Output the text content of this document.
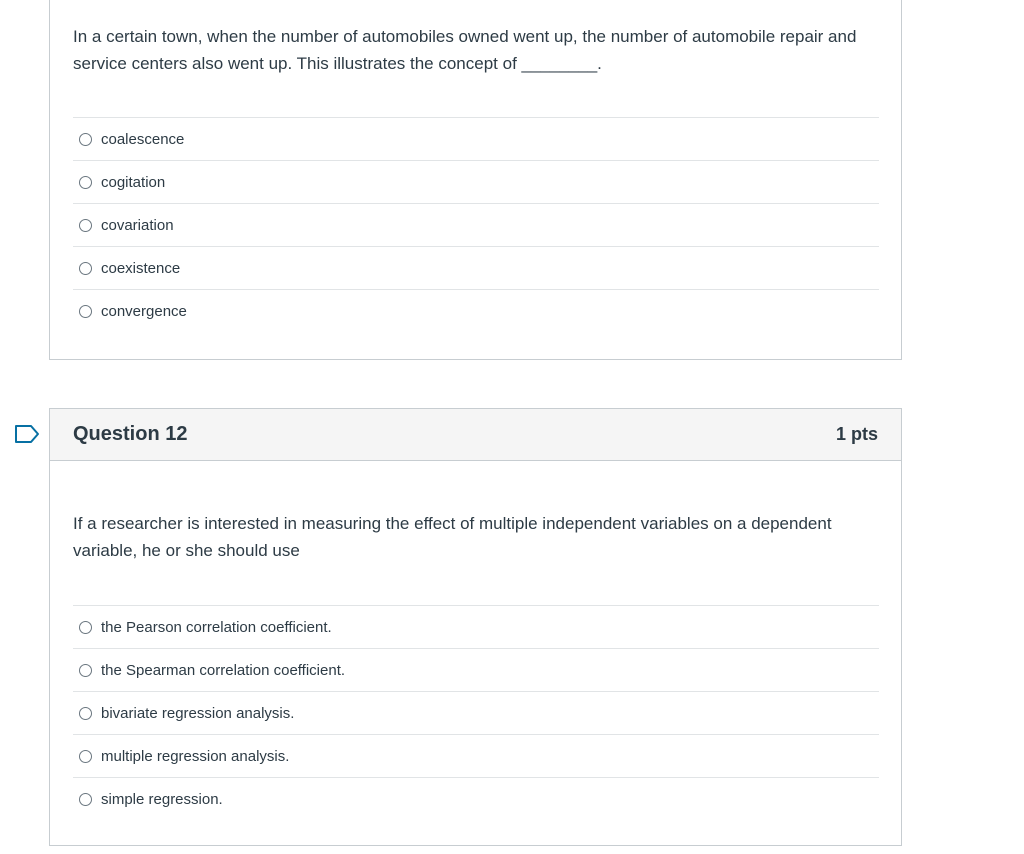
In a certain town, when the number of automobiles owned went up, the number of automobile repair and service centers also went up. This illustrates the concept of ________.

coalescence
cogitation
covariation
coexistence
convergence
Question 12	1 pts

If a researcher is interested in measuring the effect of multiple independent variables on a dependent variable, he or she should use

the Pearson correlation coefficient.
the Spearman correlation coefficient.
bivariate regression analysis.
multiple regression analysis.
simple regression.
